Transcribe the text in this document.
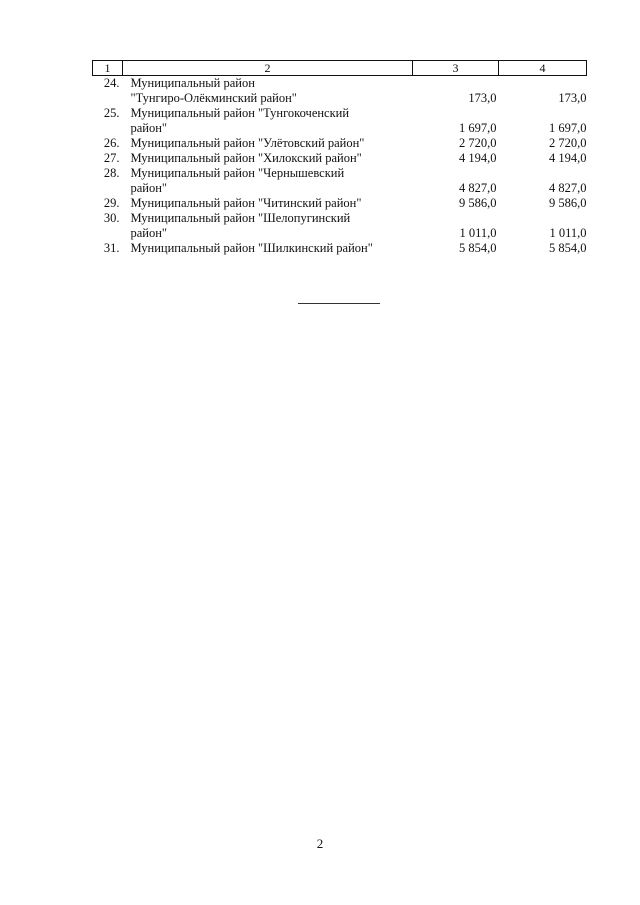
1	2	3	4
24.	Муниципальный район
"Тунгиро-Олёкминский район"	173,0	173,0
25.	Муниципальный район "Тунгокоченский
район"	1 697,0	1 697,0
26.	Муниципальный район "Улётовский район"	2 720,0	2 720,0
27.	Муниципальный район "Хилокский район"	4 194,0	4 194,0
28.	Муниципальный район "Чернышевский
район"	4 827,0	4 827,0
29.	Муниципальный район "Читинский район"	9 586,0	9 586,0
30.	Муниципальный район "Шелопугинский
район"	1 011,0	1 011,0
31.	Муниципальный район "Шилкинский район"	5 854,0	5 854,0
2
